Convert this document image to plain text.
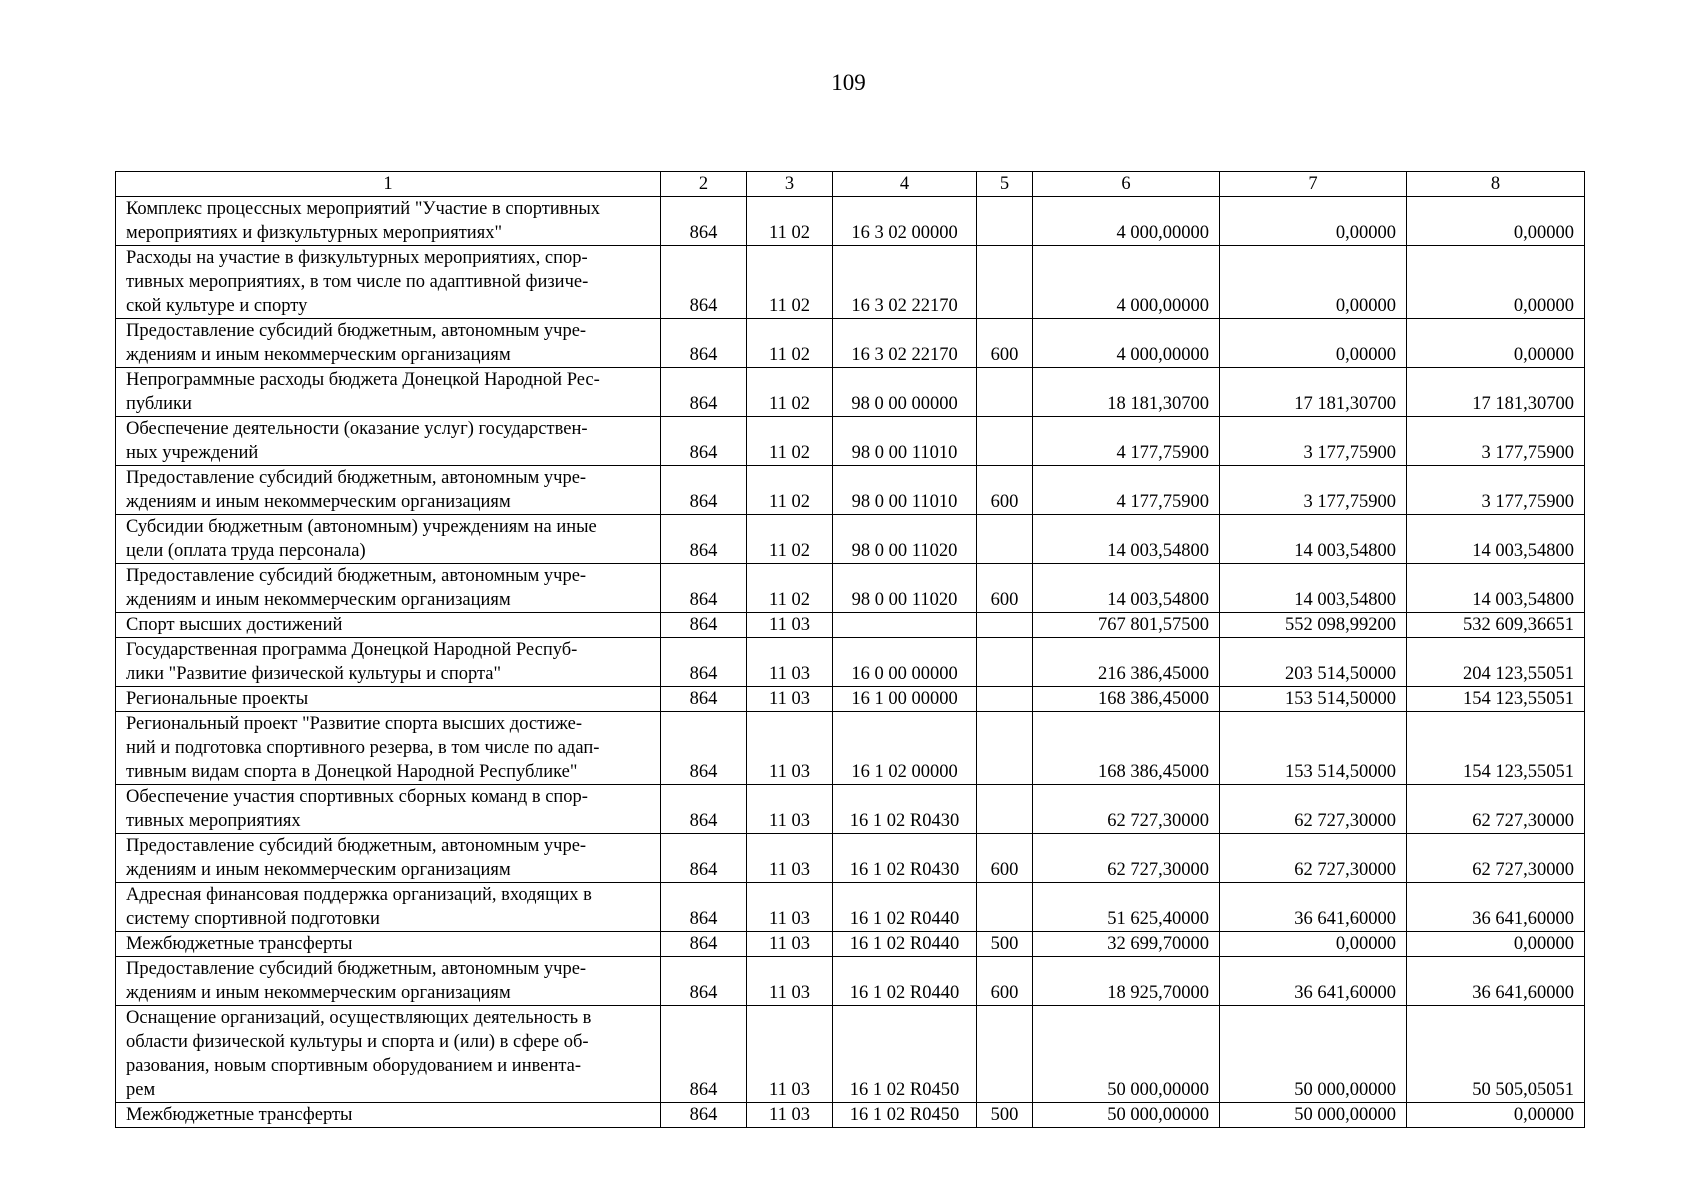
109
1	2	3	4	5	6	7	8
Комплекс процессных мероприятий "Участие в спортивных
мероприятиях и физкультурных мероприятиях"	864	11 02	16 3 02 00000		4 000,00000	0,00000	0,00000
Расходы на участие в физкультурных мероприятиях, спор-
тивных мероприятиях, в том числе по адаптивной физиче-
ской культуре и спорту	864	11 02	16 3 02 22170		4 000,00000	0,00000	0,00000
Предоставление субсидий бюджетным, автономным учре-
ждениям и иным некоммерческим организациям	864	11 02	16 3 02 22170	600	4 000,00000	0,00000	0,00000
Непрограммные расходы бюджета Донецкой Народной Рес-
публики	864	11 02	98 0 00 00000		18 181,30700	17 181,30700	17 181,30700
Обеспечение деятельности (оказание услуг) государствен-
ных учреждений	864	11 02	98 0 00 11010		4 177,75900	3 177,75900	3 177,75900
Предоставление субсидий бюджетным, автономным учре-
ждениям и иным некоммерческим организациям	864	11 02	98 0 00 11010	600	4 177,75900	3 177,75900	3 177,75900
Субсидии бюджетным (автономным) учреждениям на иные
цели (оплата труда персонала)	864	11 02	98 0 00 11020		14 003,54800	14 003,54800	14 003,54800
Предоставление субсидий бюджетным, автономным учре-
ждениям и иным некоммерческим организациям	864	11 02	98 0 00 11020	600	14 003,54800	14 003,54800	14 003,54800
Спорт высших достижений	864	11 03			767 801,57500	552 098,99200	532 609,36651
Государственная программа Донецкой Народной Респуб-
лики "Развитие физической культуры и спорта"	864	11 03	16 0 00 00000		216 386,45000	203 514,50000	204 123,55051
Региональные проекты	864	11 03	16 1 00 00000		168 386,45000	153 514,50000	154 123,55051
Региональный проект "Развитие спорта высших достиже-
ний и подготовка спортивного резерва, в том числе по адап-
тивным видам спорта в Донецкой Народной Республике"	864	11 03	16 1 02 00000		168 386,45000	153 514,50000	154 123,55051
Обеспечение участия спортивных сборных команд в спор-
тивных мероприятиях	864	11 03	16 1 02 R0430		62 727,30000	62 727,30000	62 727,30000
Предоставление субсидий бюджетным, автономным учре-
ждениям и иным некоммерческим организациям	864	11 03	16 1 02 R0430	600	62 727,30000	62 727,30000	62 727,30000
Адресная финансовая поддержка организаций, входящих в
систему спортивной подготовки	864	11 03	16 1 02 R0440		51 625,40000	36 641,60000	36 641,60000
Межбюджетные трансферты	864	11 03	16 1 02 R0440	500	32 699,70000	0,00000	0,00000
Предоставление субсидий бюджетным, автономным учре-
ждениям и иным некоммерческим организациям	864	11 03	16 1 02 R0440	600	18 925,70000	36 641,60000	36 641,60000
Оснащение организаций, осуществляющих деятельность в
области физической культуры и спорта и (или) в сфере об-
разования, новым спортивным оборудованием и инвента-
рем	864	11 03	16 1 02 R0450		50 000,00000	50 000,00000	50 505,05051
Межбюджетные трансферты	864	11 03	16 1 02 R0450	500	50 000,00000	50 000,00000	0,00000
